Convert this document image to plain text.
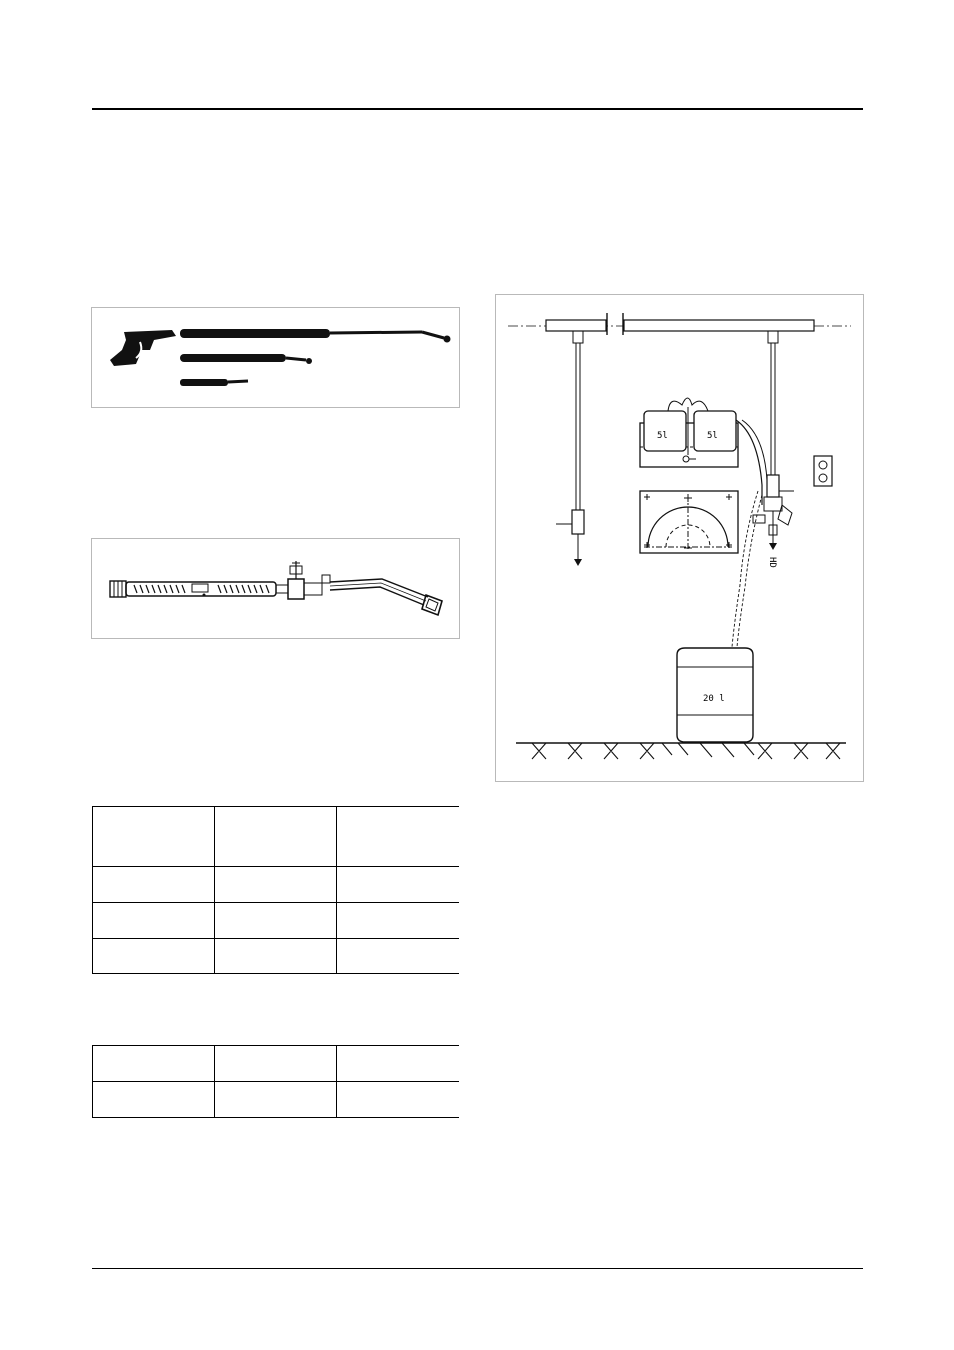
HD
5l	5l
20 l
